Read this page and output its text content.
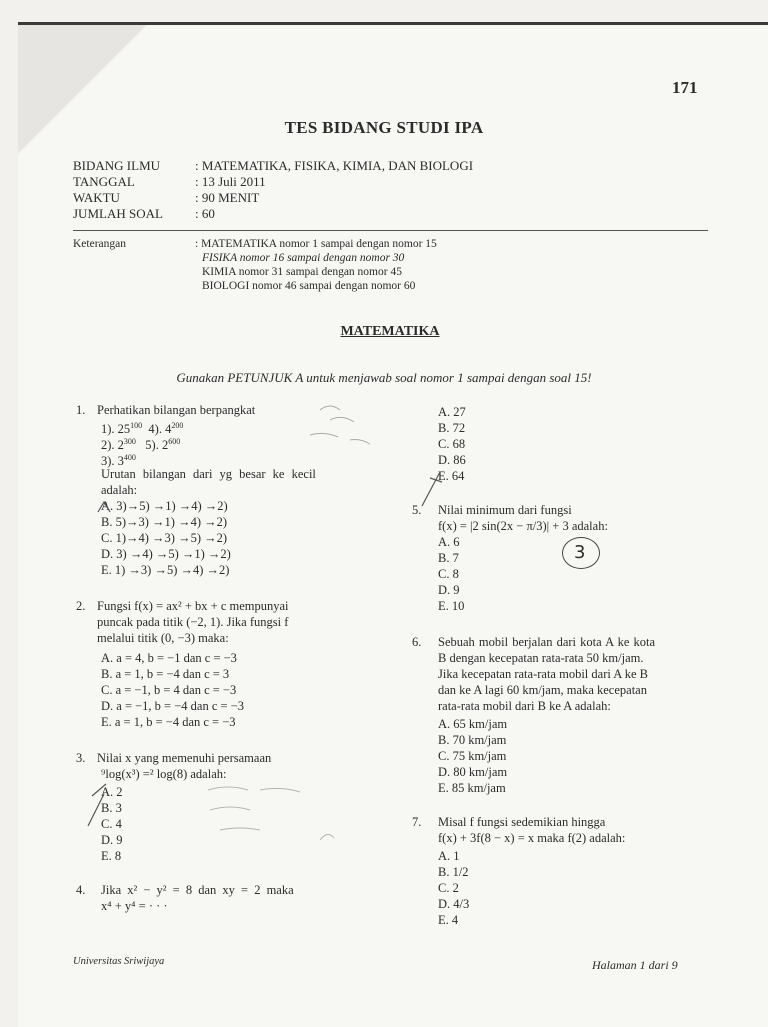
171
TES BIDANG STUDI IPA
BIDANG ILMU	: MATEMATIKA, FISIKA, KIMIA, DAN BIOLOGI
TANGGAL	: 13 Juli 2011
WAKTU	: 90 MENIT
JUMLAH SOAL : 60
Keterangan	: MATEMATIKA nomor 1 sampai dengan nomor 15
FISIKA nomor 16 sampai dengan nomor 30
KIMIA nomor 31 sampai dengan nomor 45
BIOLOGI nomor 46 sampai dengan nomor 60
MATEMATIKA
Gunakan PETUNJUK A untuk menjawab soal nomor 1 sampai dengan soal 15!
1. Perhatikan bilangan berpangkat
1). $25^{100}$ 4). $4^{200}$
2). $2^{300}$ 5). $2^{600}$
3). $3^{400}$
Urutan bilangan dari yg besar ke kecil
adalah:
A. 3)→5) →1) →4) →2)
B. 5)→3) →1) →4) →2)
C. 1)→4) →3) →5) →2)
D. 3) →4) →5) →1) →2)
E. 1) →3) →5) →4) →2)
2. Fungsi f(x) = ax² + bx + c mempunyai
puncak pada titik (−2, 1). Jika fungsi f
melalui titik (0, −3) maka:
A. a = 4, b = −1 dan c = −3
B. a = 1, b = −4 dan c = 3
C. a = −1, b = 4 dan c = −3
D. a = −1, b = −4 dan c = −3
E. a = 1, b = −4 dan c = −3
3. Nilai x yang memenuhi persamaan
⁹log(x³) =² log(8) adalah:
A. 2
B. 3
C. 4
D. 9
E. 8
4. Jika x² − y² = 8 dan xy = 2 maka
x⁴ + y⁴ = · · ·
A. 27
B. 72
C. 68
D. 86
E. 64
5. Nilai minimum dari fungsi
f(x) = |2 sin(2x − π/3)| + 3 adalah:
A. 6
B. 7
C. 8
D. 9
E. 10
3
6. Sebuah mobil berjalan dari kota A ke kota
B dengan kecepatan rata-rata 50 km/jam.
Jika kecepatan rata-rata mobil dari A ke B
dan ke A lagi 60 km/jam, maka kecepatan
rata-rata mobil dari B ke A adalah:
A. 65 km/jam
B. 70 km/jam
C. 75 km/jam
D. 80 km/jam
E. 85 km/jam
7. Misal f fungsi sedemikian hingga
f(x) + 3f(8 − x) = x maka f(2) adalah:
A. 1
B. 1/2
C. 2
D. 4/3
E. 4
Universitas Sriwijaya	Halaman 1 dari 9
